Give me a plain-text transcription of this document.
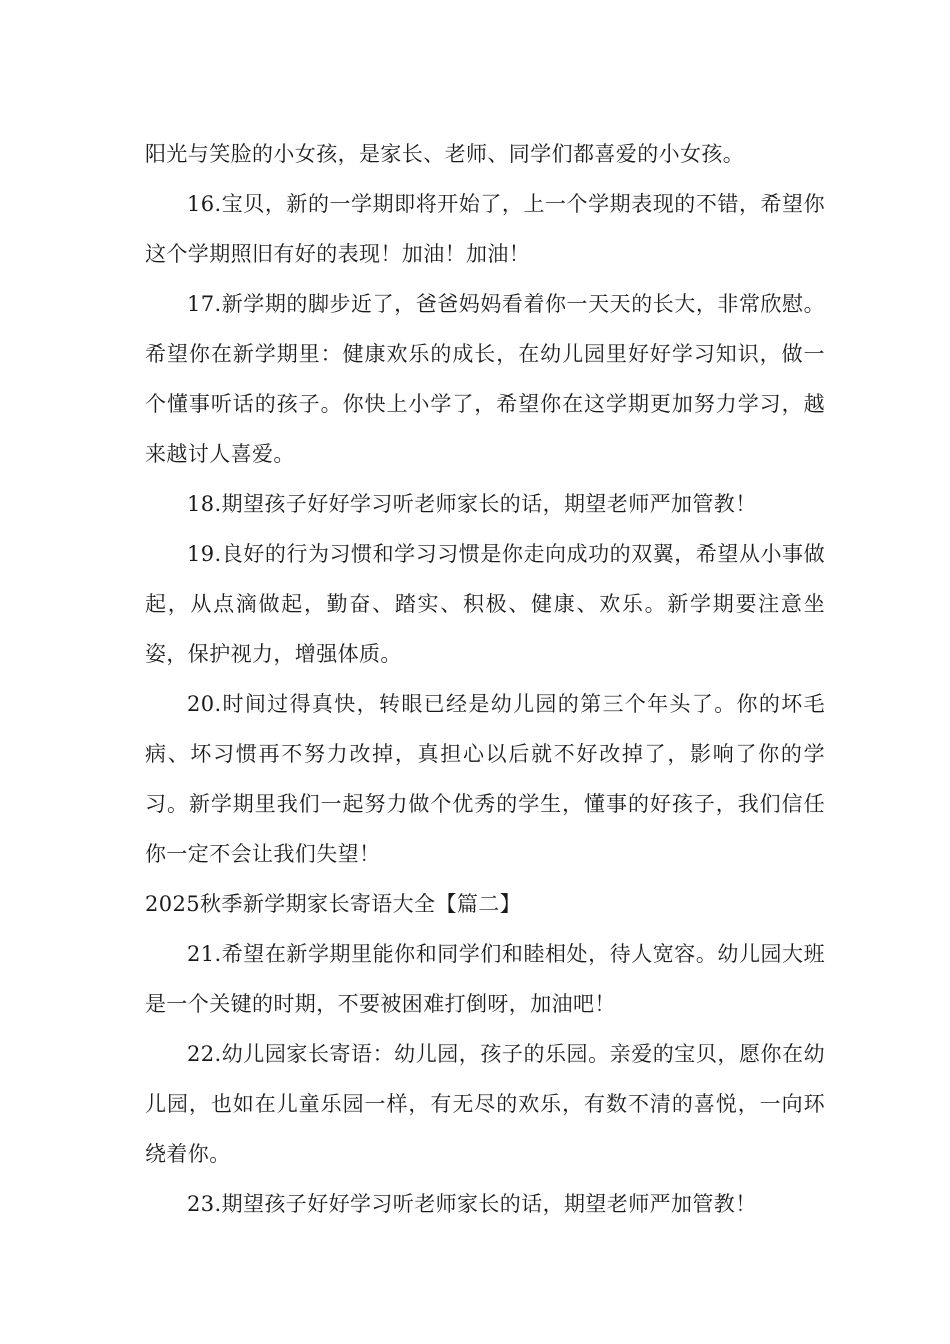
阳光与笑脸的小女孩，是家长、老师、同学们都喜爱的小女孩。

16.宝贝，新的一学期即将开始了，上一个学期表现的不错，希望你这个学期照旧有好的表现！加油！加油！

17.新学期的脚步近了，爸爸妈妈看着你一天天的长大，非常欣慰。希望你在新学期里：健康欢乐的成长，在幼儿园里好好学习知识，做一个懂事听话的孩子。你快上小学了，希望你在这学期更加努力学习，越来越讨人喜爱。

18.期望孩子好好学习听老师家长的话，期望老师严加管教！

19.良好的行为习惯和学习习惯是你走向成功的双翼，希望从小事做起，从点滴做起，勤奋、踏实、积极、健康、欢乐。新学期要注意坐姿，保护视力，增强体质。

20.时间过得真快，转眼已经是幼儿园的第三个年头了。你的坏毛病、坏习惯再不努力改掉，真担心以后就不好改掉了，影响了你的学习。新学期里我们一起努力做个优秀的学生，懂事的好孩子，我们信任你一定不会让我们失望！

2025秋季新学期家长寄语大全【篇二】

21.希望在新学期里能你和同学们和睦相处，待人宽容。幼儿园大班是一个关键的时期，不要被困难打倒呀，加油吧！

22.幼儿园家长寄语：幼儿园，孩子的乐园。亲爱的宝贝，愿你在幼儿园，也如在儿童乐园一样，有无尽的欢乐，有数不清的喜悦，一向环绕着你。

23.期望孩子好好学习听老师家长的话，期望老师严加管教！
